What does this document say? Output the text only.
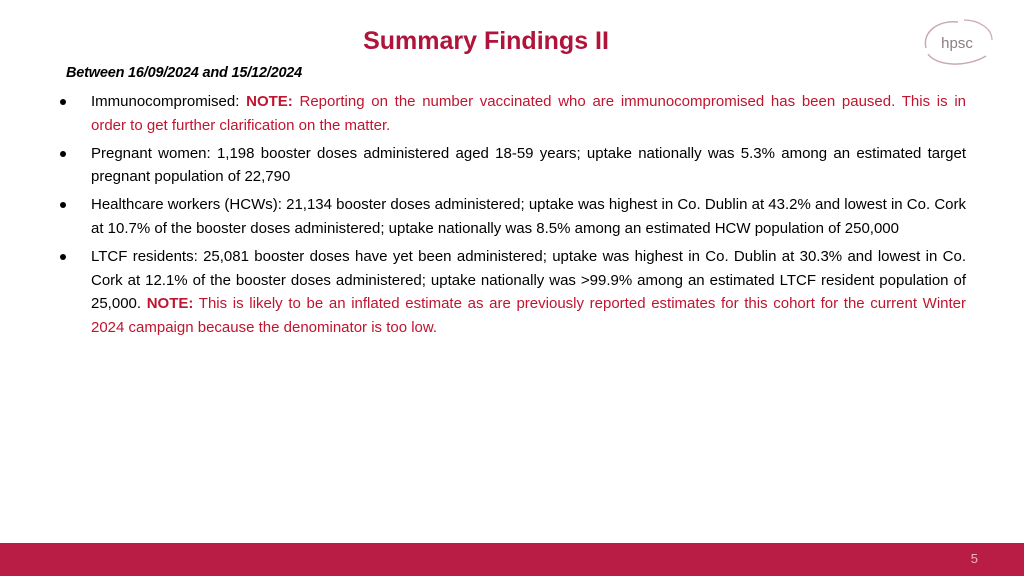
Summary Findings II	hpsc
Between 16/09/2024 and 15/12/2024
Immunocompromised: NOTE: Reporting on the number vaccinated who are immunocompromised has been paused. This is in order to get further clarification on the matter.
Pregnant women: 1,198 booster doses administered aged 18-59 years; uptake nationally was 5.3% among an estimated target pregnant population of 22,790
Healthcare workers (HCWs): 21,134 booster doses administered; uptake was highest in Co. Dublin at 43.2% and lowest in Co. Cork at 10.7% of the booster doses administered; uptake nationally was 8.5% among an estimated HCW population of 250,000
LTCF residents: 25,081 booster doses have yet been administered; uptake was highest in Co. Dublin at 30.3% and lowest in Co. Cork at 12.1% of the booster doses administered; uptake nationally was >99.9% among an estimated LTCF resident population of 25,000. NOTE: This is likely to be an inflated estimate as are previously reported estimates for this cohort for the current Winter 2024 campaign because the denominator is too low.
5
